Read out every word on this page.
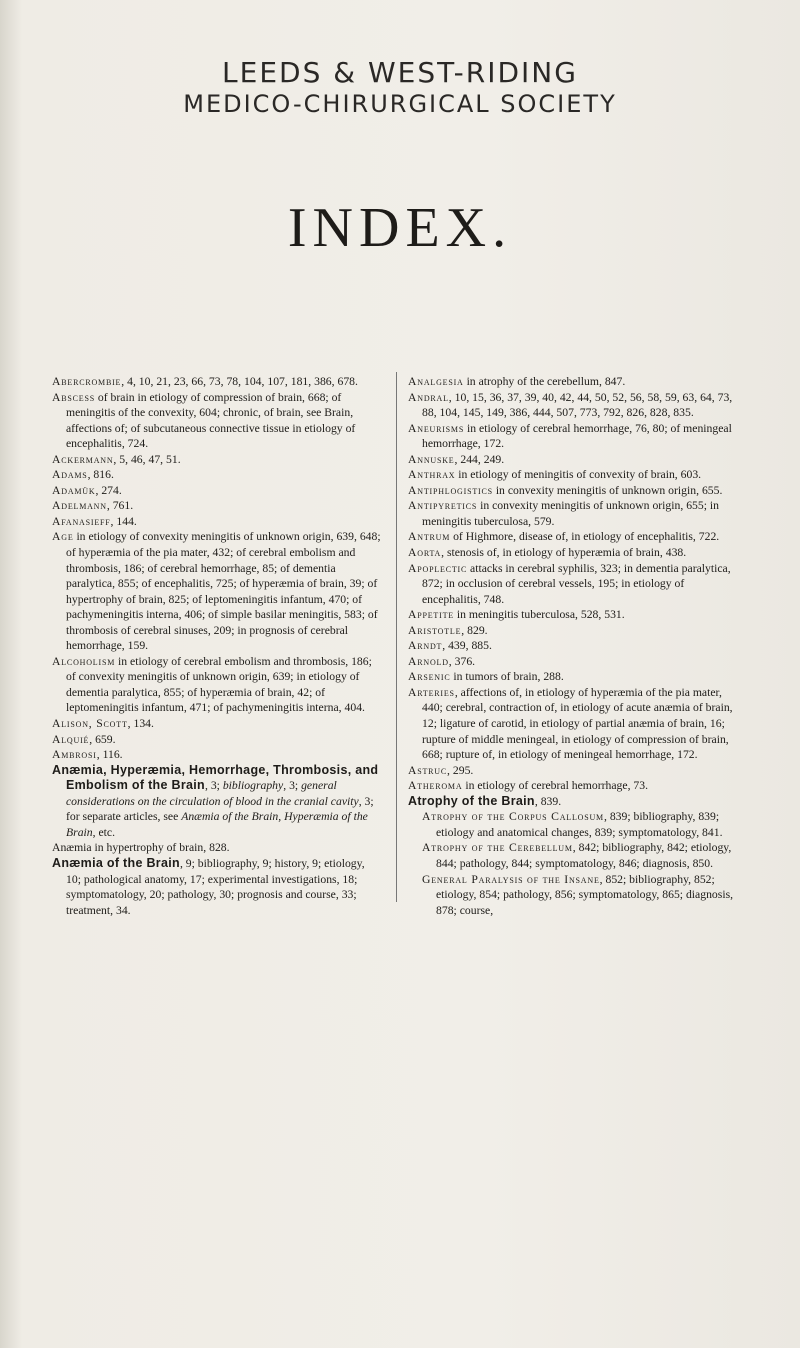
LEEDS & WEST-RIDING
MEDICO-CHIRURGICAL SOCIETY
INDEX.
Abercrombie, 4, 10, 21, 23, 66, 73, 78, 104, 107, 181, 386, 678.
Abscess of brain in etiology of compression of brain, 668; of meningitis of the convexity, 604; chronic, of brain, see Brain, affections of; of subcutaneous connective tissue in etiology of encephalitis, 724.
Ackermann, 5, 46, 47, 51.
Adams, 816.
Adamük, 274.
Adelmann, 761.
Afanasieff, 144.
Age in etiology of convexity meningitis of unknown origin, 639, 648; of hyperæmia of the pia mater, 432; of cerebral embolism and thrombosis, 186; of cerebral hemorrhage, 85; of dementia paralytica, 855; of encephalitis, 725; of hyperæmia of brain, 39; of hypertrophy of brain, 825; of leptomeningitis infantum, 470; of pachymeningitis interna, 406; of simple basilar meningitis, 583; of thrombosis of cerebral sinuses, 209; in prognosis of cerebral hemorrhage, 159.
Alcoholism in etiology of cerebral embolism and thrombosis, 186; of convexity meningitis of unknown origin, 639; in etiology of dementia paralytica, 855; of hyperæmia of brain, 42; of leptomeningitis infantum, 471; of pachymeningitis interna, 404.
Alison, Scott, 134.
Alquié, 659.
Ambrosi, 116.
Anæmia, Hyperæmia, Hemorrhage, Thrombosis, and Embolism of the Brain, 3; bibliography, 3; general considerations on the circulation of blood in the cranial cavity, 3; for separate articles, see Anæmia of the Brain, Hyperæmia of the Brain, etc.
Anæmia in hypertrophy of brain, 828.
Anæmia of the Brain, 9; bibliography, 9; history, 9; etiology, 10; pathological anatomy, 17; experimental investigations, 18; symptomatology, 20; pathology, 30; prognosis and course, 33; treatment, 34.
Analgesia in atrophy of the cerebellum, 847.
Andral, 10, 15, 36, 37, 39, 40, 42, 44, 50, 52, 56, 58, 59, 63, 64, 73, 88, 104, 145, 149, 386, 444, 507, 773, 792, 826, 828, 835.
Aneurisms in etiology of cerebral hemorrhage, 76, 80; of meningeal hemorrhage, 172.
Annuske, 244, 249.
Anthrax in etiology of meningitis of convexity of brain, 603.
Antiphlogistics in convexity meningitis of unknown origin, 655.
Antipyretics in convexity meningitis of unknown origin, 655; in meningitis tuberculosa, 579.
Antrum of Highmore, disease of, in etiology of encephalitis, 722.
Aorta, stenosis of, in etiology of hyperæmia of brain, 438.
Apoplectic attacks in cerebral syphilis, 323; in dementia paralytica, 872; in occlusion of cerebral vessels, 195; in etiology of encephalitis, 748.
Appetite in meningitis tuberculosa, 528, 531.
Aristotle, 829.
Arndt, 439, 885.
Arnold, 376.
Arsenic in tumors of brain, 288.
Arteries, affections of, in etiology of hyperæmia of the pia mater, 440; cerebral, contraction of, in etiology of acute anæmia of brain, 12; ligature of carotid, in etiology of partial anæmia of brain, 16; rupture of middle meningeal, in etiology of compression of brain, 668; rupture of, in etiology of meningeal hemorrhage, 172.
Astruc, 295.
Atheroma in etiology of cerebral hemorrhage, 73.
Atrophy of the Brain, 839.
Atrophy of the Corpus Callosum, 839; bibliography, 839; etiology and anatomical changes, 839; symptomatology, 841.
Atrophy of the Cerebellum, 842; bibliography, 842; etiology, 844; pathology, 844; symptomatology, 846; diagnosis, 850.
General Paralysis of the Insane, 852; bibliography, 852; etiology, 854; pathology, 856; symptomatology, 865; diagnosis, 878; course,
